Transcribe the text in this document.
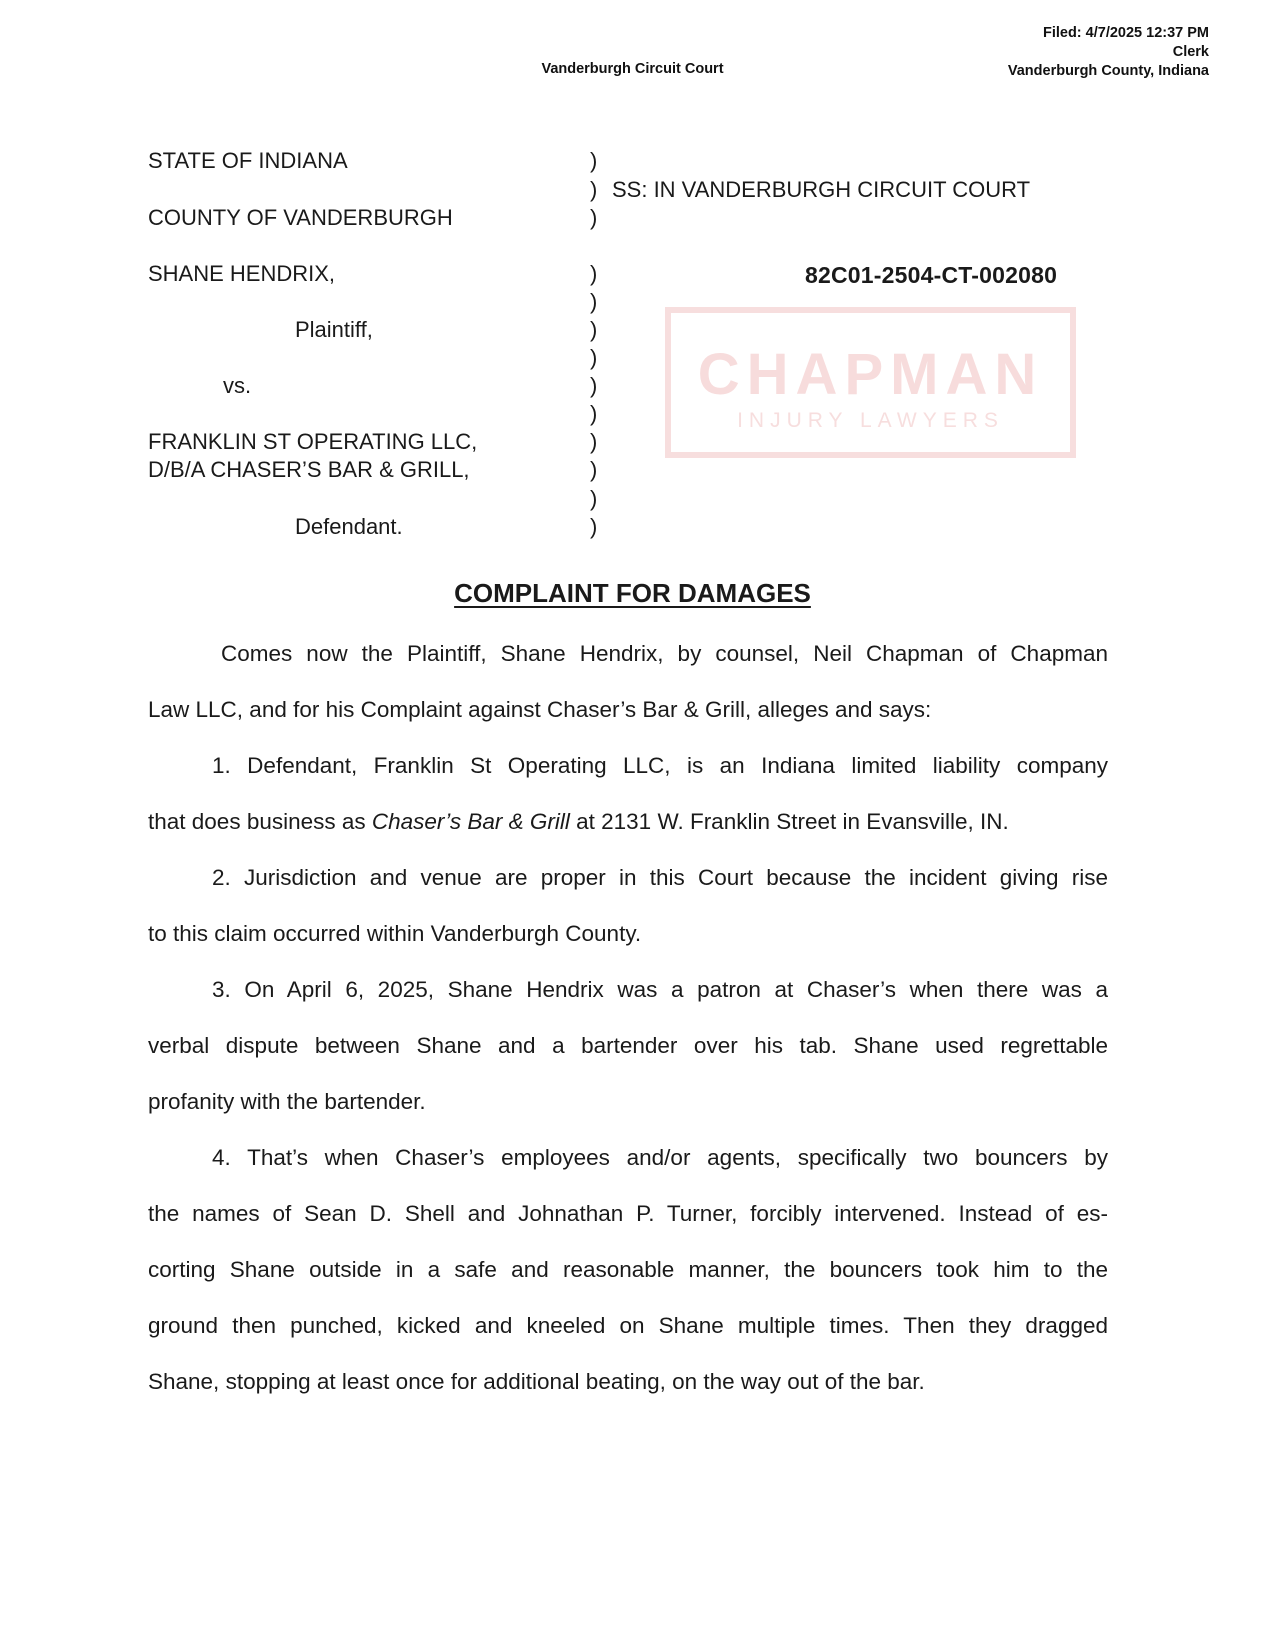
Filed: 4/7/2025 12:37 PM
Clerk
Vanderburgh County, Indiana
Vanderburgh Circuit Court
STATE OF INDIANA
COUNTY OF VANDERBURGH
SHANE HENDRIX,
Plaintiff,
vs.
FRANKLIN ST OPERATING LLC,
D/B/A CHASER’S BAR & GRILL,
Defendant.
)
)
)
)
)
)
)
)
)
)
)
)
)
SS: IN VANDERBURGH CIRCUIT COURT
82C01-2504-CT-002080
CHAPMAN
INJURY LAWYERS
COMPLAINT FOR DAMAGES
Comes now the Plaintiff, Shane Hendrix, by counsel, Neil Chapman of Chapman
Law LLC, and for his Complaint against Chaser’s Bar & Grill, alleges and says:
1. Defendant, Franklin St Operating LLC, is an Indiana limited liability company
that does business as Chaser’s Bar & Grill at 2131 W. Franklin Street in Evansville, IN.
2. Jurisdiction and venue are proper in this Court because the incident giving rise
to this claim occurred within Vanderburgh County.
3. On April 6, 2025, Shane Hendrix was a patron at Chaser’s when there was a
verbal dispute between Shane and a bartender over his tab. Shane used regrettable
profanity with the bartender.
4. That’s when Chaser’s employees and/or agents, specifically two bouncers by
the names of Sean D. Shell and Johnathan P. Turner, forcibly intervened. Instead of es-
corting Shane outside in a safe and reasonable manner, the bouncers took him to the
ground then punched, kicked and kneeled on Shane multiple times. Then they dragged
Shane, stopping at least once for additional beating, on the way out of the bar.
